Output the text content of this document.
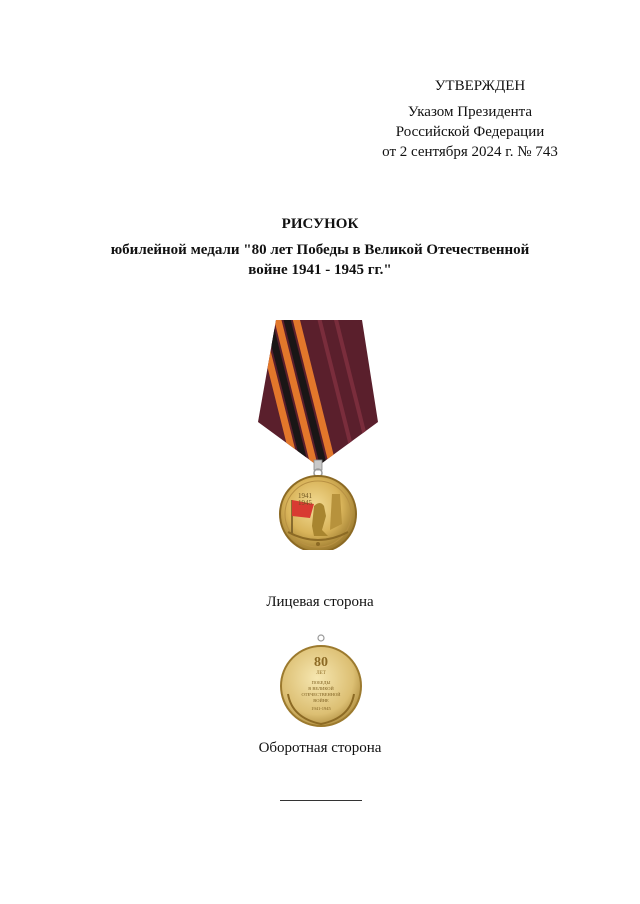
УТВЕРЖДЕН
Указом Президента
Российской Федерации
от 2 сентября 2024 г. № 743
РИСУНОК
юбилейной медали "80 лет Победы в Великой Отечественной
войне 1941 - 1945 гг."
1941
1945
Лицевая сторона
80
ЛЕТ
ПОБЕДЫ
В ВЕЛИКОЙ
ОТЕЧЕСТВЕННОЙ
ВОЙНЕ
1941-1945
Оборотная сторона
